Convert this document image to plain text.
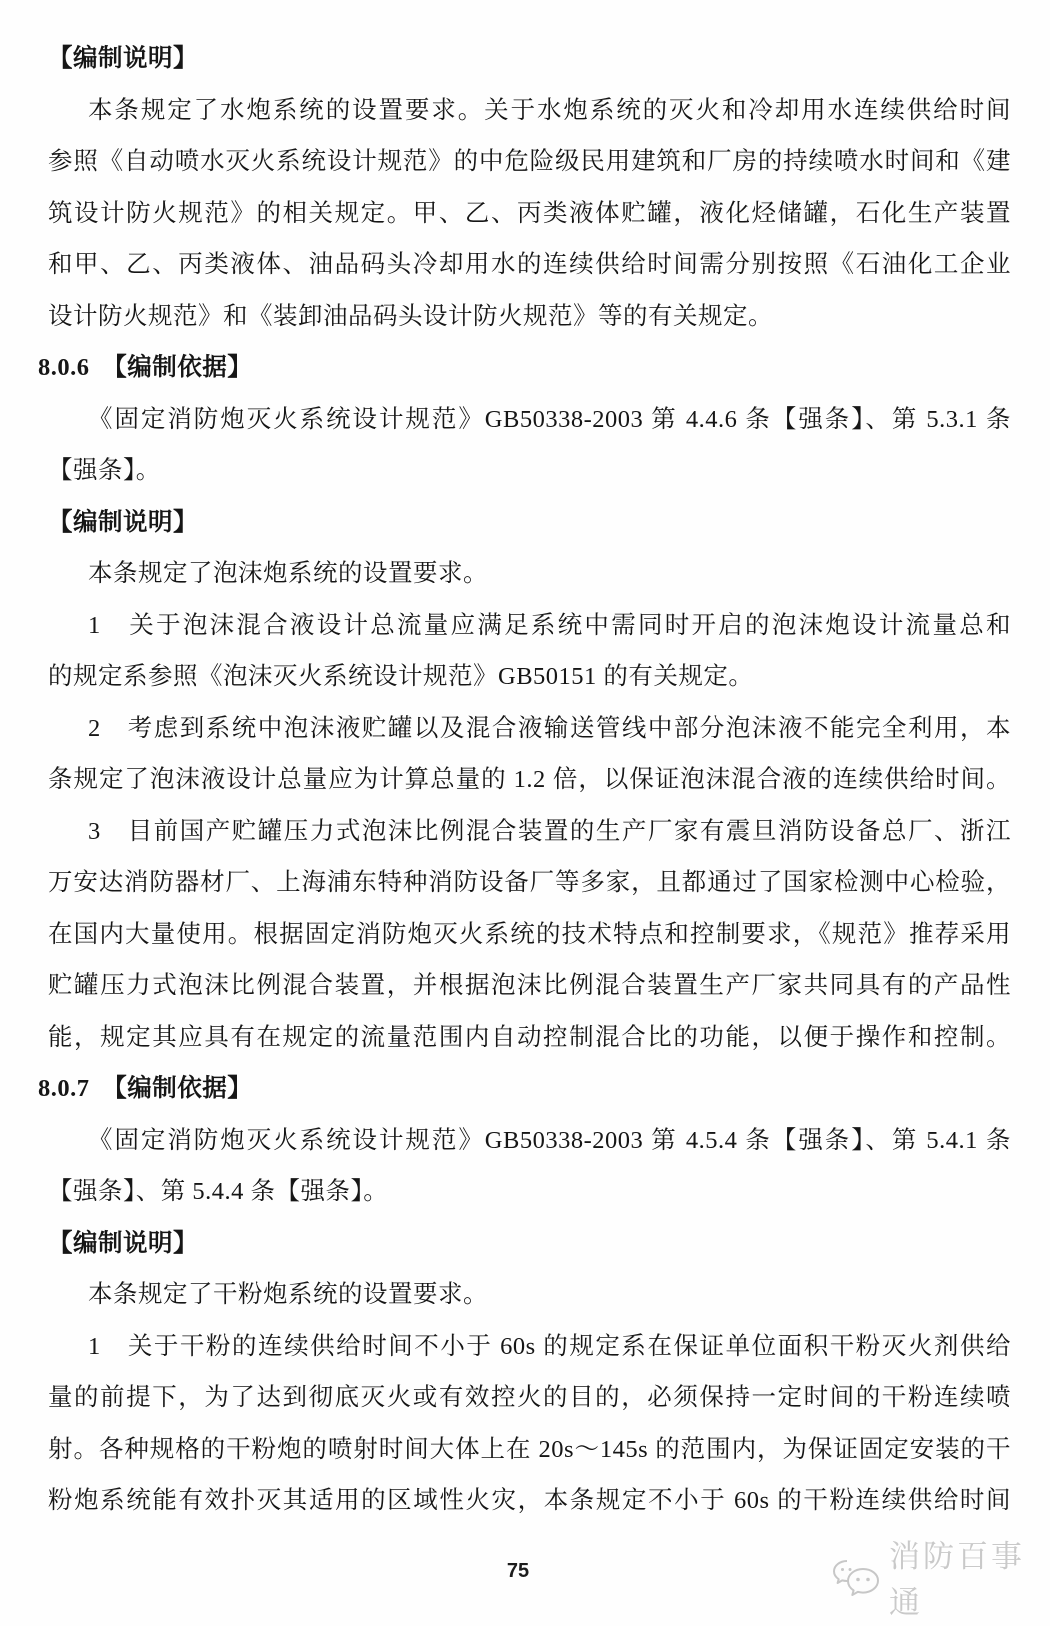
【编制说明】
本条规定了水炮系统的设置要求。关于水炮系统的灭火和冷却用水连续供给时间
参照《自动喷水灭火系统设计规范》的中危险级民用建筑和厂房的持续喷水时间和《建
筑设计防火规范》的相关规定。甲、乙、丙类液体贮罐，液化烃储罐，石化生产装置
和甲、乙、丙类液体、油品码头冷却用水的连续供给时间需分别按照《石油化工企业
设计防火规范》和《装卸油品码头设计防火规范》等的有关规定。
8.0.6　【编制依据】
《固定消防炮灭火系统设计规范》GB50338-2003 第 4.4.6 条【强条】、第 5.3.1 条
【强条】。
【编制说明】
本条规定了泡沫炮系统的设置要求。
1　关于泡沫混合液设计总流量应满足系统中需同时开启的泡沫炮设计流量总和
的规定系参照《泡沫灭火系统设计规范》GB50151 的有关规定。
2　考虑到系统中泡沫液贮罐以及混合液输送管线中部分泡沫液不能完全利用，本
条规定了泡沫液设计总量应为计算总量的 1.2 倍，以保证泡沫混合液的连续供给时间。
3　目前国产贮罐压力式泡沫比例混合装置的生产厂家有震旦消防设备总厂、浙江
万安达消防器材厂、上海浦东特种消防设备厂等多家，且都通过了国家检测中心检验，
在国内大量使用。根据固定消防炮灭火系统的技术特点和控制要求，《规范》推荐采用
贮罐压力式泡沫比例混合装置，并根据泡沫比例混合装置生产厂家共同具有的产品性
能，规定其应具有在规定的流量范围内自动控制混合比的功能，以便于操作和控制。
8.0.7　【编制依据】
《固定消防炮灭火系统设计规范》GB50338-2003 第 4.5.4 条【强条】、第 5.4.1 条
【强条】、第 5.4.4 条【强条】。
【编制说明】
本条规定了干粉炮系统的设置要求。
1　关于干粉的连续供给时间不小于 60s 的规定系在保证单位面积干粉灭火剂供给
量的前提下，为了达到彻底灭火或有效控火的目的，必须保持一定时间的干粉连续喷
射。各种规格的干粉炮的喷射时间大体上在 20s～145s 的范围内，为保证固定安装的干
粉炮系统能有效扑灭其适用的区域性火灾，本条规定不小于 60s 的干粉连续供给时间
消防百事通
75
